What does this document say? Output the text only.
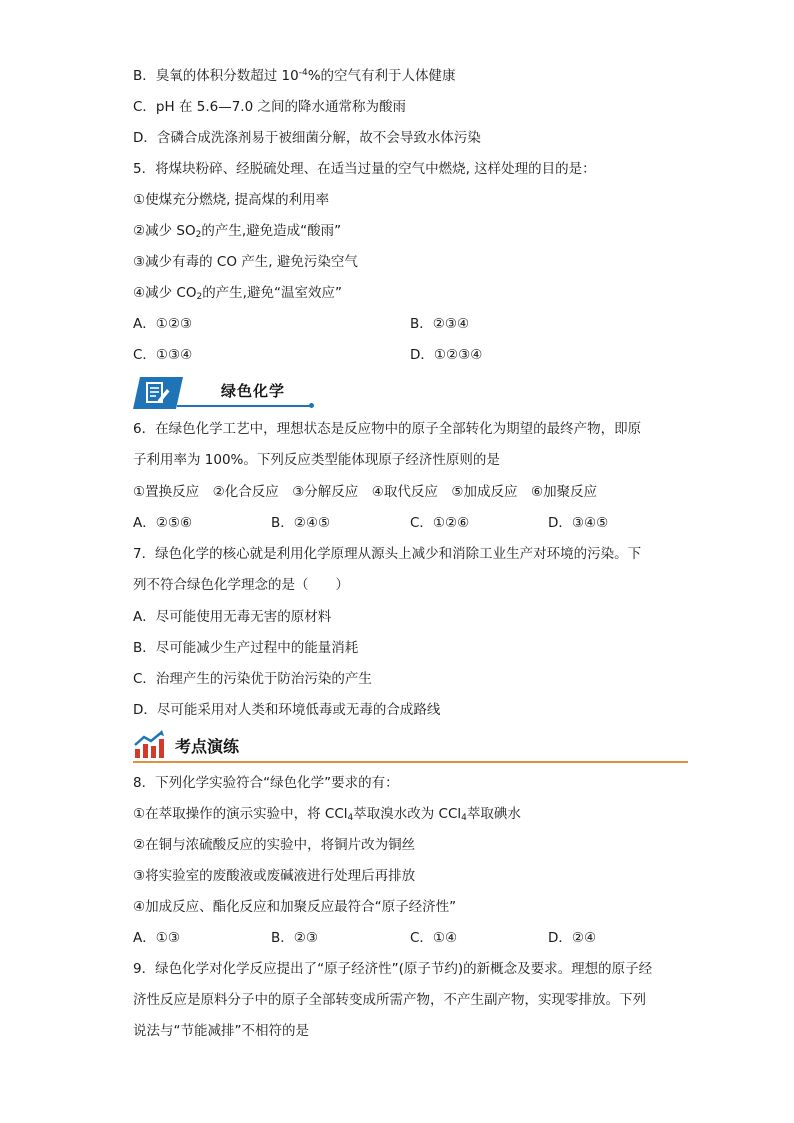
B．臭氧的体积分数超过 $10^{-4}\%$的空气有利于人体健康
C．pH 在 5.6—7.0 之间的降水通常称为酸雨
D．含磷合成洗涤剂易于被细菌分解，故不会导致水体污染
5．将煤块粉碎、经脱硫处理、在适当过量的空气中燃烧, 这样处理的目的是：
①使煤充分燃烧, 提高煤的利用率
②减少 $SO_2$的产生,避免造成“酸雨”
③减少有毒的 CO 产生, 避免污染空气
④减少 $CO_2$的产生,避免“温室效应”
A．①②③	B．②③④
C．①③④	D．①②③④
绿色化学
6．在绿色化学工艺中，理想状态是反应物中的原子全部转化为期望的最终产物，即原
子利用率为 100%。下列反应类型能体现原子经济性原则的是
①置换反应　②化合反应　③分解反应　④取代反应　⑤加成反应　⑥加聚反应
A．②⑤⑥	B．②④⑤	C．①②⑥	D．③④⑤
7．绿色化学的核心就是利用化学原理从源头上减少和消除工业生产对环境的污染。下
列不符合绿色化学理念的是（　　）
A．尽可能使用无毒无害的原材料
B．尽可能减少生产过程中的能量消耗
C．治理产生的污染优于防治污染的产生
D．尽可能采用对人类和环境低毒或无毒的合成路线
考点演练
8．下列化学实验符合“绿色化学”要求的有：
①在萃取操作的演示实验中，将 CCl$_4$萃取溴水改为 CCl$_4$萃取碘水
②在铜与浓硫酸反应的实验中，将铜片改为铜丝
③将实验室的废酸液或废碱液进行处理后再排放
④加成反应、酯化反应和加聚反应最符合“原子经济性”
A．①③	B．②③	C．①④	D．②④
9．绿色化学对化学反应提出了“原子经济性”(原子节约)的新概念及要求。理想的原子经
济性反应是原料分子中的原子全部转变成所需产物，不产生副产物，实现零排放。下列
说法与“节能减排”不相符的是
